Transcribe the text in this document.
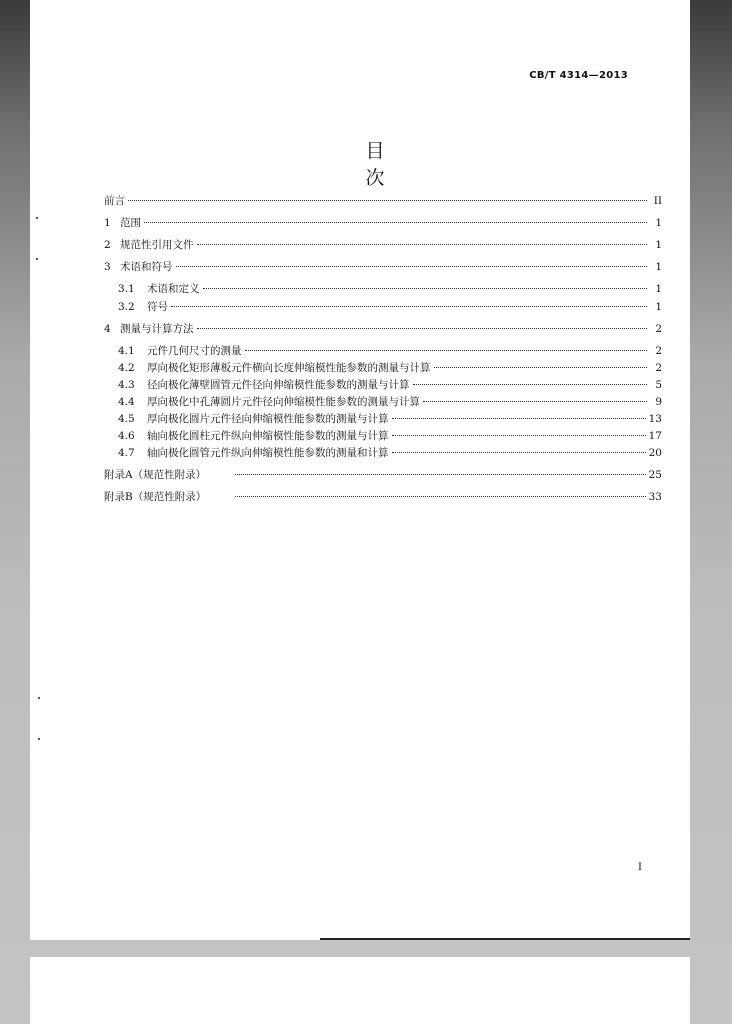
CB/T 4314—2013
目 次
前言	II
1 范围	1
2 规范性引用文件	1
3 术语和符号	1
3.1	术语和定义	1
3.2	符号	1
4 测量与计算方法	2
4.1	元件几何尺寸的测量	2
4.2	厚向极化矩形薄板元件横向长度伸缩模性能参数的测量与计算	2
4.3	径向极化薄壁圆管元件径向伸缩模性能参数的测量与计算	5
4.4	厚向极化中孔薄圆片元件径向伸缩模性能参数的测量与计算	9
4.5	厚向极化圆片元件径向伸缩模性能参数的测量与计算	13
4.6	轴向极化圆柱元件纵向伸缩模性能参数的测量与计算	17
4.7	轴向极化圆管元件纵向伸缩模性能参数的测量和计算	20
附录A（规范性附录）	25
附录B（规范性附录）	33
I
